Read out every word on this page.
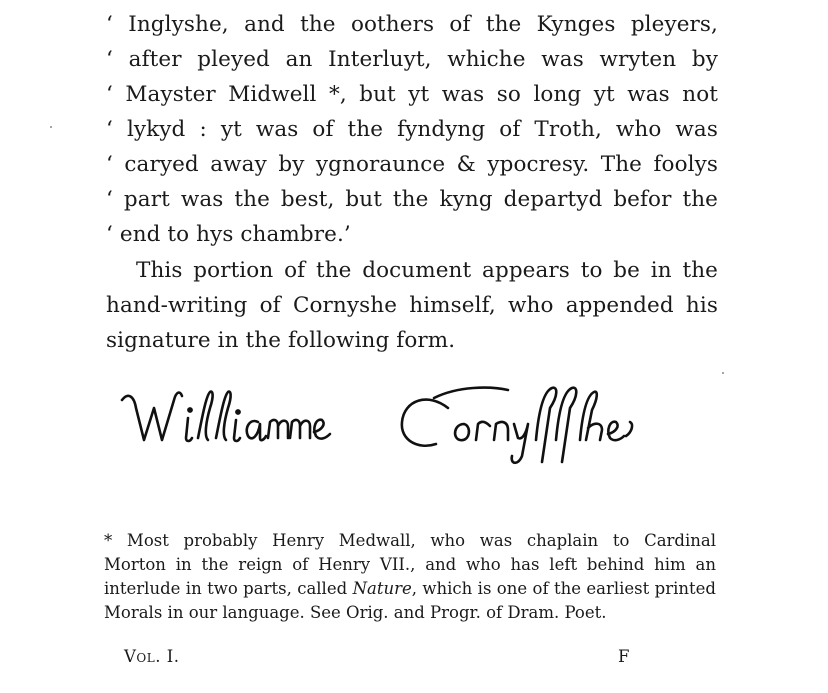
‘ Inglyshe, and the oothers of the Kynges pleyers,
‘ after pleyed an Interluyt, whiche was wryten by
‘ Mayster Midwell *, but yt was so long yt was not
‘ lykyd : yt was of the fyndyng of Troth, who was
‘ caryed away by ygnoraunce & ypocresy. The foolys
‘ part was the best, but the kyng departyd befor the
‘ end to hys chambre.’
This portion of the document appears to be in the
hand-writing of Cornyshe himself, who appended his
signature in the following form.
* Most probably Henry Medwall, who was chaplain to Cardinal
Morton in the reign of Henry VII., and who has left behind him an
interlude in two parts, called Nature, which is one of the earliest printed
Morals in our language. See Orig. and Progr. of Dram. Poet.
Vol. I.	F
